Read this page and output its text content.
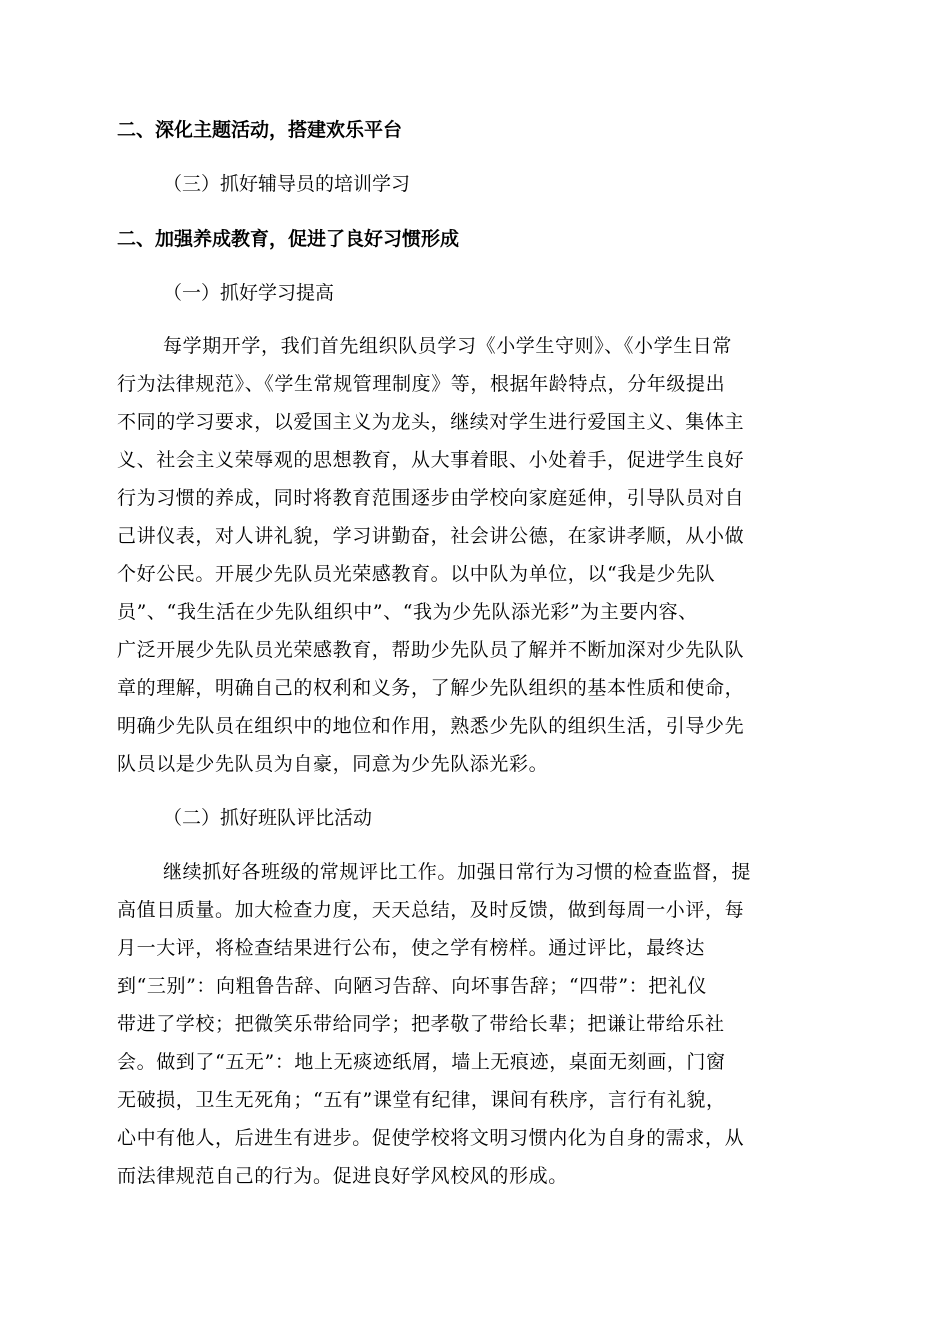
二、深化主题活动，搭建欢乐平台
（三）抓好辅导员的培训学习
二、加强养成教育，促进了良好习惯形成
（一）抓好学习提高
每学期开学，我们首先组织队员学习《小学生守则》、《小学生日常
行为法律规范》、《学生常规管理制度》等，根据年龄特点，分年级提出
不同的学习要求，以爱国主义为龙头，继续对学生进行爱国主义、集体主
义、社会主义荣辱观的思想教育，从大事着眼、小处着手，促进学生良好
行为习惯的养成，同时将教育范围逐步由学校向家庭延伸，引导队员对自
己讲仪表，对人讲礼貌，学习讲勤奋，社会讲公德，在家讲孝顺，从小做
个好公民。开展少先队员光荣感教育。以中队为单位，以“我是少先队
员”、“我生活在少先队组织中”、“我为少先队添光彩”为主要内容、
广泛开展少先队员光荣感教育，帮助少先队员了解并不断加深对少先队队
章的理解，明确自己的权利和义务，了解少先队组织的基本性质和使命，
明确少先队员在组织中的地位和作用，熟悉少先队的组织生活，引导少先
队员以是少先队员为自豪，同意为少先队添光彩。
（二）抓好班队评比活动
继续抓好各班级的常规评比工作。加强日常行为习惯的检查监督，提
高值日质量。加大检查力度，天天总结，及时反馈，做到每周一小评，每
月一大评，将检查结果进行公布，使之学有榜样。通过评比，最终达
到“三别”：向粗鲁告辞、向陋习告辞、向坏事告辞；“四带”：把礼仪
带进了学校；把微笑乐带给同学；把孝敬了带给长辈；把谦让带给乐社
会。做到了“五无”：地上无痰迹纸屑，墙上无痕迹，桌面无刻画，门窗
无破损，卫生无死角；“五有”课堂有纪律，课间有秩序，言行有礼貌，
心中有他人，后进生有进步。促使学校将文明习惯内化为自身的需求，从
而法律规范自己的行为。促进良好学风校风的形成。
